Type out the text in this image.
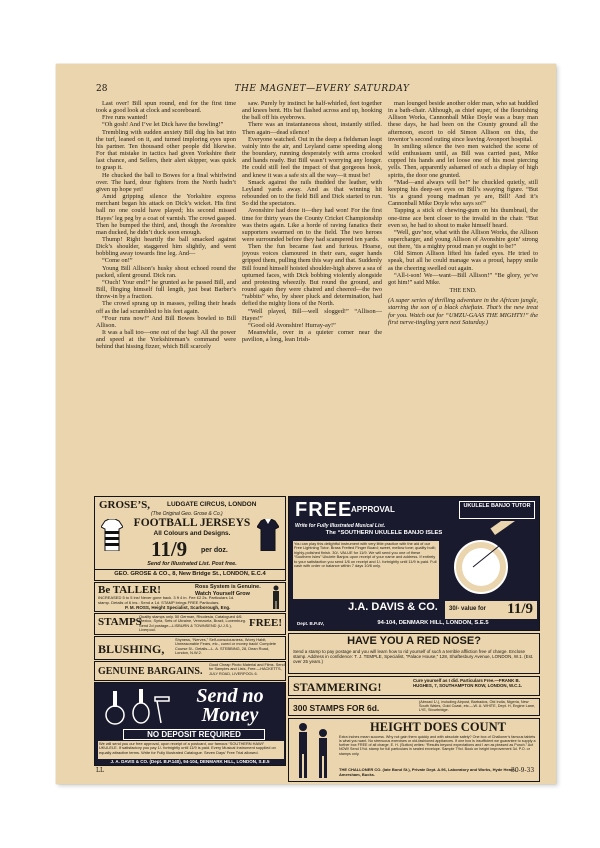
28	THE MAGNET—EVERY SATURDAY

Last over! Bill spun round, end for the first time took a good look at clock and scoreboard.

Five runs wanted!

“Oh gosh! And I’ve let Dick have the bowling!”

Trembling with sudden anxiety Bill dug his bat into the turf, leaned on it, and turned imploring eyes upon his partner. Ten thousand other people did likewise. For that mistake in tactics had given Yorkshire their last chance, and Sellers, their alert skipper, was quick to grasp it.

He chucked the ball to Bowes for a final whirlwind over. The hard, dour fighters from the North hadn’t given up hope yet!

Amid gripping silence the Yorkshire express merchant began his attack on Dick’s wicket. His first ball no one could have played; his second missed Hayes’ leg peg by a coat of varnish. The crowd gasped. Then he bumped the third, and, though the Avonshire man ducked, he didn’t duck soon enough.

Thump! Right heartily the ball smacked against Dick’s shoulder, staggered him slightly, and went bobbling away towards fine leg. And—

“Come on!”

Young Bill Allison’s husky shout echoed round the packed, silent ground. Dick ran.

“Ouch! Your end!” he grunted as he passed Bill, and Bill, flinging himself full length, just beat Barber’s throw-in by a fraction.

The crowd sprang up in masses, yelling their heads off as the lad scrambled to his feet again.

“Four runs now!” And Bill Bowes bowled to Bill Allison.

It was a ball too—one out of the bag! All the power and speed at the Yorkshireman’s command were behind that hissing fizzer, which Bill scarcely

saw. Purely by instinct he half-whirled, feet together and knees bent. His bat flashed across and up, hooking the ball off his eyebrows.

There was an instantaneous shout, instantly stifled. Then again—dead silence!

Everyone watched. Out in the deep a fieldsman leapt vainly into the air, and Leyland came speeding along the boundary, running desperately with arms crooked and hands ready. But Bill wasn’t worrying any longer. He could still feel the impact of that gorgeous hook, and knew it was a safe six all the way—it must be!

Smack against the rails thudded the leather, with Leyland yards away. And as that winning hit rebounded on to the field Bill and Dick started to run. So did the spectators.

Avonshire had done it—they had won! For the first time for thirty years the County Cricket Championship was theirs again. Like a horde of raving fanatics their supporters swarmed on to the field. The two heroes were surrounded before they had scampered ten yards.

Then the fun became fast and furious. Hoarse, joyous voices clamoured in their ears, eager hands gripped them, pulling them this way and that. Suddenly Bill found himself hoisted shoulder-high above a sea of upturned faces, with Dick bobbing violently alongside and protesting wheezily. But round the ground, and round again they were chaired and cheered—the two “rabbits” who, by sheer pluck and determination, had defied the mighty lions of the North.

“Well played, Bill—well slogged!” “Allison—Hayes!”

“Good old Avonshire! Hurray-ay!”

Meanwhile, over in a quieter corner near the pavilion, a long, lean Irish-

man lounged beside another older man, who sat huddled in a bath-chair. Although, as chief super, of the flourishing Allison Works, Cannonball Mike Doyle was a busy man these days, he had been on the County ground all the afternoon, escort to old Simon Allison on this, the inventor’s second outing since leaving Avonport hospital.

In smiling silence the two men watched the scene of wild enthusiasm until, as Bill was carried past, Mike cupped his hands and let loose one of his most piercing yells. Then, apparently ashamed of such a display of high spirits, the door one grunted.

“Mad—and always will be!” he chuckled quietly, still keeping his deep-set eyes on Bill’s swaying figure. “But ’tis a grand young madman ye are, Bill! And it’s Cannonball Mike Doyle who says so!”

Tapping a stick of chewing-gum on his thumbnail, the one-time ace bent closer to the invalid in the chair. “But even so, he had to shout to make himself heard.

“Well, guv’nor, what with the Allison Works, the Allison supercharger, and young Allison of Avonshire goin’ strong out there, ’tis a mighty proud man ye ought to be!”

Old Simon Allison lifted his faded eyes. He tried to speak, but all he could manage was a proud, happy smile as the cheering swelled out again.

“All-i-son! We—want—Bill Allison!” “Be glory, ye’ve got him!” said Mike.

THE END.

(A super series of thrilling adventure in the African jungle, starring the son of a black chieftain. That’s the new treat for you. Watch out for “UMZU-GAAS THE MIGHTY!” the first nerve-tingling yarn next Saturday.)

GROSE’S,	LUDGATE CIRCUS, LONDON
(The Original Geo. Grose & Co.)
FOOTBALL JERSEYS
All Colours and Designs.
11/9 per doz.
Send for Illustrated List. Post free.
GEO. GROSE & CO., 8, New Bridge St., LONDON, E.C.4
Be TALLER!	Ross System is Genuine.
Watch Yourself Grow
INCREASED 5 to 5 ins! Never gone back. 3 ft 4 in. Fee £2 2s. Particulars 1d. stamp. Details of 6 ins.: Send a 1d. STAMP brings FREE Particulars.
P. M. ROSS, Height Specialist, Scarborough, Eng.
STAMPS
Quality stamps only. 50 German, Rhodesia, Catalogued 4/6. Mexico, Syria, Sets of Ukraine, Venezuela, Brazil, Luxemburg. Send 2d postage—LISBURN & TOWNSEND (U.J.S.), Liverpool.
FREE!
BLUSHING,
Shyness, “Nerves,” Self-consciousness, Worry Habit, Unreasonable Fears, etc., cured or money back! Complete Course 5/-. Details—L. A. STEBBING, 28, Dean Road, London, N.W.2.
GENUINE BARGAINS.
Good Cheap Photo Material and Films. Send for Samples and Lists, Free.—HACKETTS, JULY ROAD, LIVERPOOL 6.
Send no
Money
NO DEPOSIT REQUIRED
We will send you our free approval, upon receipt of a postcard, our famous “SOUTHERN HAWI” UKULELE. If satisfactory you pay 1/- fortnightly until 11/9 is paid. Every Musical Instrument supplied on equally attractive terms. Write for Fully Illustrated Catalogue. Seven Days’ Free Trial allowed.
J. A. DAVIS & CO. (Dept. B.P.140), 94-104, DENMARK HILL, LONDON, S.E.5
FREE
APPROVAL
Write for Fully Illustrated Musical List.
The “SOUTHERN UKULELE BANJO ISLES
You can play this delightful instrument with very little practice with the aid of our Free Lightning Tutor. Brass Fretted Finger Board; sweet, mellow tone; quality built; highly-polished finish. 30/- VALUE for 11/9. We will send you one of these “Southern Isles” Ukulele Banjos upon receipt of your name and address. If entirely to your satisfaction you send 1/6 on receipt and 1/- fortnightly until 11/9 is paid. Full cash with order or balance within 7 days 10/6 only.
UKULELE BANJO TUTOR
30/- value for 11/9
J.A. DAVIS & CO.
Dept. B.P.4V,	94-104, DENMARK HILL, LONDON, S.E.5
HAVE YOU A RED NOSE?
Send a stamp to pay postage and you will learn how to rid yourself of such a terrible affliction free of charge. Enclose stamp. Address in confidence: T. J. TEMPLE, Specialist, “Palace House,” 128, Shaftesbury Avenue, LONDON, W.1. (Est. over 25 years.)
STAMMERING!	Cure yourself as I did. Particulars Free.—FRANK B. HUGHES, 7, SOUTHAMPTON ROW, LONDON, W.C.1.
300 STAMPS FOR 6d.
(Abroad 1/-), including Airpost, Barbados, Old India, Nigeria, New South Wales, Gold Coast, etc.—W. A. WHITE, Dept. H, Engine Lane, LYE, Stourbridge.
HEIGHT DOES COUNT
Extra inches mean success. Why not gain them quickly and with absolute safety? One box of Challoner’s famous tablets is what you want. No strenuous exercises or old-fashioned appliances. If one box is insufficient we guarantee to supply a further box FREE of all charge. E. H. (Sutton) writes: “Results beyond expectations and I am as pleased as Punch.” Act NOW! Send 1½d. stamp for full particulars in sealed envelope. Sample 7½d. Book on height improvement 3d. P.O. or stamps only.
THE CHALLONER CO. (late Bond St.), Private Dept. A.96, Laboratory and Works, Hyde Heath, Amersham, Bucks.
LL	30-9-33
